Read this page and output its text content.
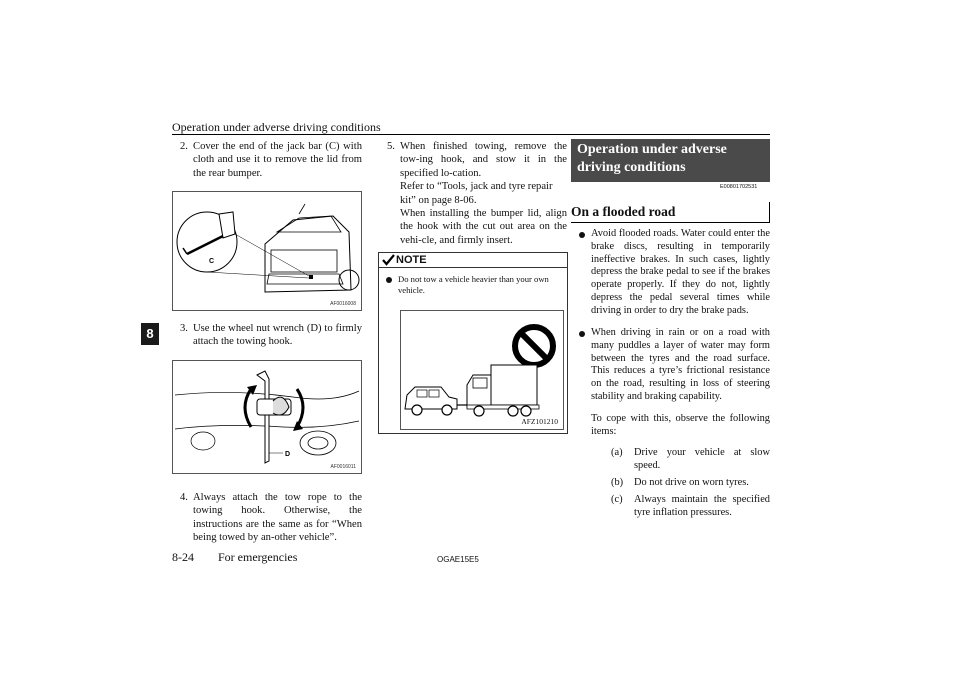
Operation under adverse driving conditions
8
2. Cover the end of the jack bar (C) with cloth and use it to remove the lid from the rear bumper.
C
AF0016008
3. Use the wheel nut wrench (D) to firmly attach the towing hook.
D
AF0016011
4. Always attach the tow rope to the towing hook. Otherwise, the instructions are the same as for “When being towed by an-other vehicle”.
5. When finished towing, remove the tow-ing hook, and stow it in the specified lo-cation.
Refer to “Tools, jack and tyre repair kit” on page 8-06.
When installing the bumper lid, align the hook with the cut out area on the vehi-cle, and firmly insert.
NOTE
Do not tow a vehicle heavier than your own vehicle.
AFZ101210
Operation under adverse driving conditions
E00801702531
On a flooded road
Avoid flooded roads. Water could enter the brake discs, resulting in temporarily ineffective brakes. In such cases, lightly depress the brake pedal to see if the brakes operate properly. If they do not, lightly depress the pedal several times while driving in order to dry the brake pads.
When driving in rain or on a road with many puddles a layer of water may form between the tyres and the road surface. This reduces a tyre’s frictional resistance on the road, resulting in loss of steering stability and braking capability.
To cope with this, observe the following items:
(a) Drive your vehicle at slow speed.
(b) Do not drive on worn tyres.
(c) Always maintain the specified tyre inflation pressures.
8-24 For emergencies	OGAE15E5
